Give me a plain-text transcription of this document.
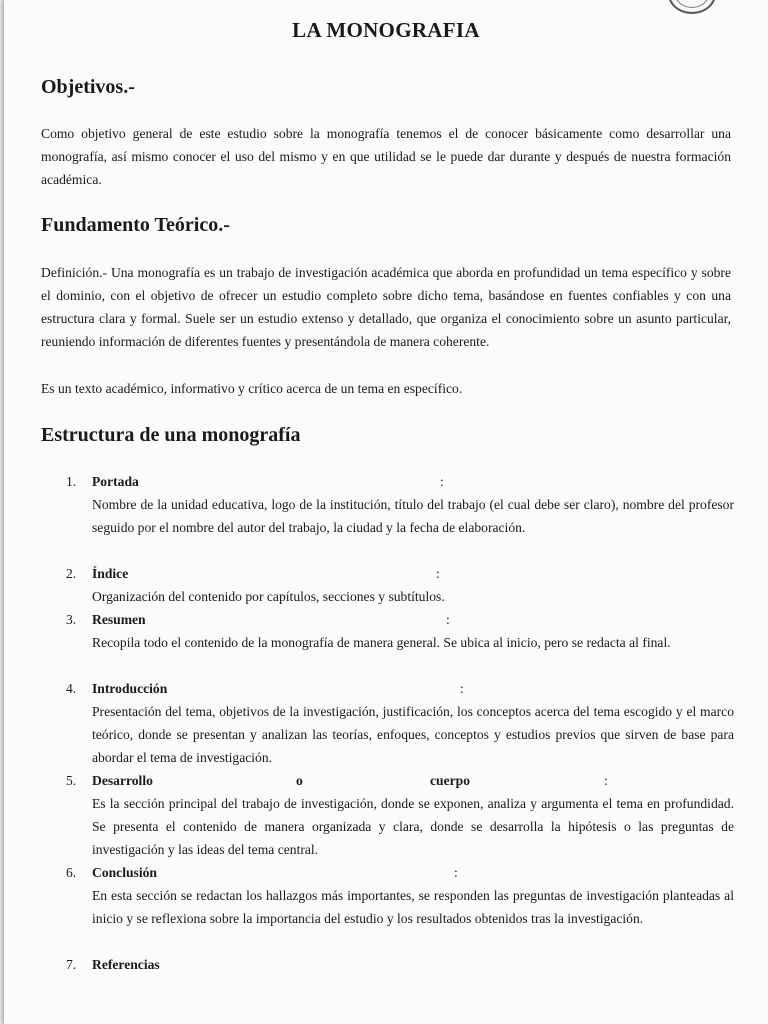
LA MONOGRAFIA
Objetivos.-

Como objetivo general de este estudio sobre la monografía tenemos el de conocer básicamente como desarrollar una monografía, así mismo conocer el uso del mismo y en que utilidad se le puede dar durante y después de nuestra formación académica.

Fundamento Teórico.-

Definición.- Una monografía es un trabajo de investigación académica que aborda en profundidad un tema específico y sobre el dominio, con el objetivo de ofrecer un estudio completo sobre dicho tema, basándose en fuentes confiables y con una estructura clara y formal. Suele ser un estudio extenso y detallado, que organiza el conocimiento sobre un asunto particular, reuniendo información de diferentes fuentes y presentándola de manera coherente.

Es un texto académico, informativo y crítico acerca de un tema en específico.

Estructura de una monografía
1.	Portada	:
Nombre de la unidad educativa, logo de la institución, título del trabajo (el cual debe ser claro), nombre del profesor seguido por el nombre del autor del trabajo, la ciudad y la fecha de elaboración.
2.	Índice	:
Organización del contenido por capítulos, secciones y subtítulos.
3.	Resumen	:
Recopila todo el contenido de la monografía de manera general. Se ubica al inicio, pero se redacta al final.
4.	Introducción	:
Presentación del tema, objetivos de la investigación, justificación, los conceptos acerca del tema escogido y el marco teórico, donde se presentan y analizan las teorías, enfoques, conceptos y estudios previos que sirven de base para abordar el tema de investigación.
5.	Desarrollo	o	cuerpo	:
Es la sección principal del trabajo de investigación, donde se exponen, analiza y argumenta el tema en profundidad. Se presenta el contenido de manera organizada y clara, donde se desarrolla la hipótesis o las preguntas de investigación y las ideas del tema central.
6.	Conclusión	:
En esta sección se redactan los hallazgos más importantes, se responden las preguntas de investigación planteadas al inicio y se reflexiona sobre la importancia del estudio y los resultados obtenidos tras la investigación.
7.	Referencias
